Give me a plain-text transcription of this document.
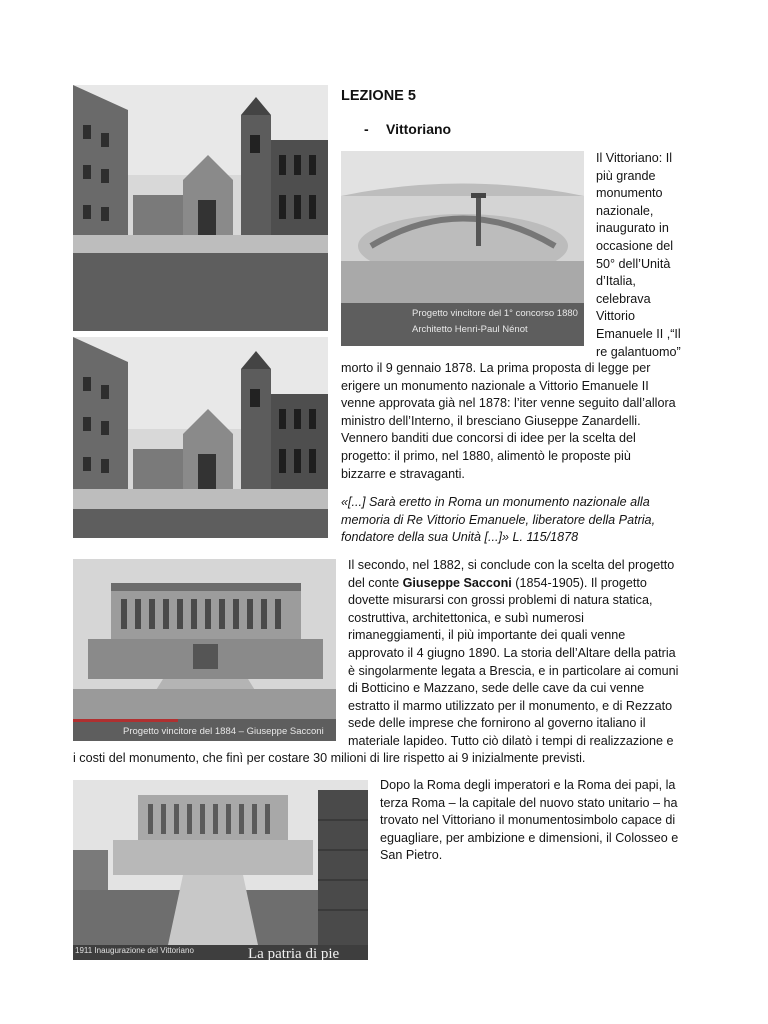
LEZIONE 5
- Vittoriano
Progetto vincitore del 1° concorso 1880
Architetto Henri-Paul Nénot
Il Vittoriano: Il
più grande
monumento
nazionale,
inaugurato in
occasione del
50° dell’Unità
d’Italia,
celebrava
Vittorio
Emanuele II ,“Il
re galantuomo”
morto il 9 gennaio 1878. La prima proposta di legge per
erigere un monumento nazionale a Vittorio Emanuele II
venne approvata già nel 1878: l’iter venne seguito dall’allora
ministro dell’Interno, il bresciano Giuseppe Zanardelli.
Vennero banditi due concorsi di idee per la scelta del
progetto: il primo, nel 1880, alimentò le proposte più
bizzarre e stravaganti.
«[...] Sarà eretto in Roma un monumento nazionale alla
memoria di Re Vittorio Emanuele, liberatore della Patria,
fondatore della sua Unità [...]» L. 115/1878
Progetto vincitore del 1884 – Giuseppe Sacconi
Il secondo, nel 1882, si conclude con la scelta del progetto
del conte Giuseppe Sacconi (1854-1905). Il progetto
dovette misurarsi con grossi problemi di natura statica,
costruttiva, architettonica, e subì numerosi
rimaneggiamenti, il più importante dei quali venne
approvato il 4 giugno 1890. La storia dell’Altare della patria
è singolarmente legata a Brescia, e in particolare ai comuni
di Botticino e Mazzano, sede delle cave da cui venne
estratto il marmo utilizzato per il monumento, e di Rezzato
sede delle imprese che fornirono al governo italiano il
materiale lapideo. Tutto ciò dilatò i tempi di realizzazione e
i costi del monumento, che finì per costare 30 milioni di lire rispetto ai 9 inizialmente previsti.
1911 Inaugurazione del Vittoriano	La patria di pie
Dopo la Roma degli imperatori e la Roma dei papi, la
terza Roma – la capitale del nuovo stato unitario – ha
trovato nel Vittoriano il monumentosimbolo capace di
eguagliare, per ambizione e dimensioni, il Colosseo e
San Pietro.
